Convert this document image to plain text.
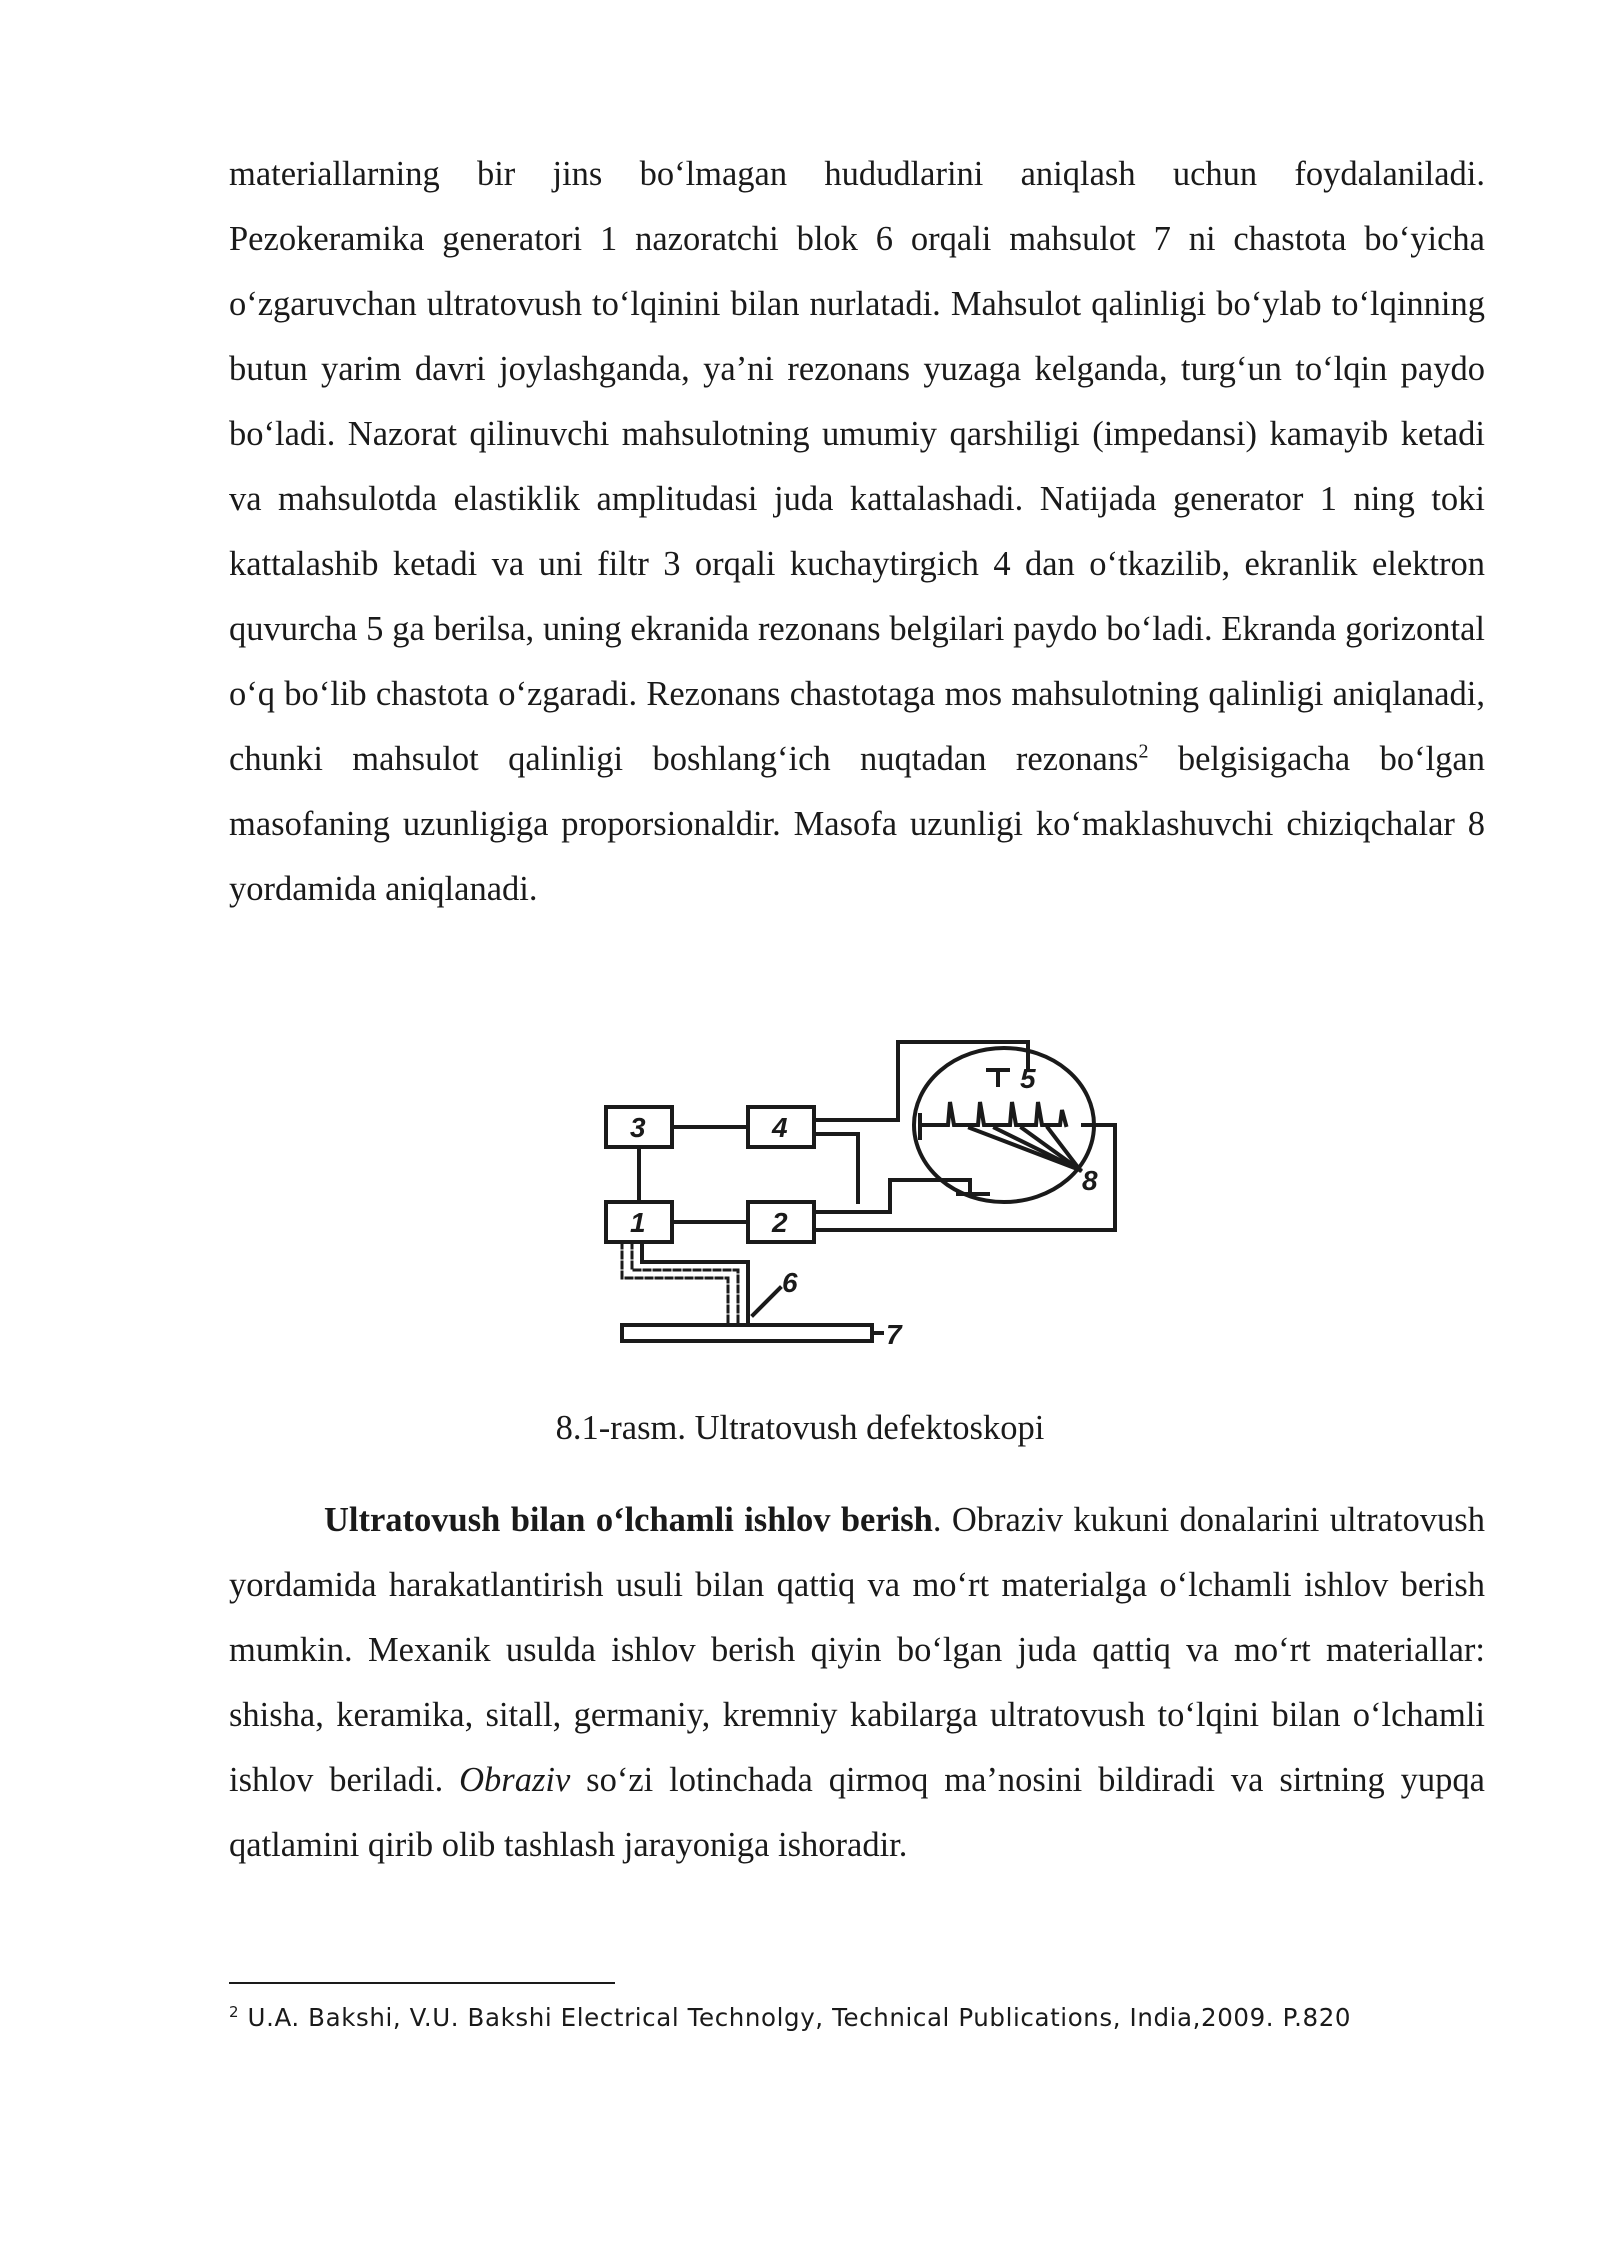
materiallarning bir jins bo‘lmagan hududlarini aniqlash uchun foydalaniladi. Pezokeramika generatori 1 nazoratchi blok 6 orqali mahsulot 7 ni chastota bo‘yicha o‘zgaruvchan ultratovush to‘lqinini bilan nurlatadi. Mahsulot qalinligi bo‘ylab to‘lqinning butun yarim davri joylashganda, ya’ni rezonans yuzaga kelganda, turg‘un to‘lqin paydo bo‘ladi. Nazorat qilinuvchi mahsulotning umumiy qarshiligi (impedansi) kamayib ketadi va mahsulotda elastiklik amplitudasi juda kattalashadi. Natijada generator 1 ning toki kattalashib ketadi va uni filtr 3 orqali kuchaytirgich 4 dan o‘tkazilib, ekranlik elektron quvurcha 5 ga berilsa, uning ekranida rezonans belgilari paydo bo‘ladi. Ekranda gorizontal o‘q bo‘lib chastota o‘zgaradi. Rezonans chastotaga mos mahsulotning qalinligi aniqlanadi, chunki mahsulot qalinligi boshlang‘ich nuqtadan rezonans$^2$ belgisigacha bo‘lgan masofaning uzunligiga proporsionaldir. Masofa uzunligi ko‘maklashuvchi chiziqchalar 8 yordamida aniqlanadi.
3	4
1	2
5
6
7
8
8.1-rasm. Ultratovush defektoskopi
Ultratovush bilan o‘lchamli ishlov berish. Obraziv kukuni donalarini ultratovush yordamida harakatlantirish usuli bilan qattiq va mo‘rt materialga o‘lchamli ishlov berish mumkin. Mexanik usulda ishlov berish qiyin bo‘lgan juda qattiq va mo‘rt materiallar: shisha, keramika, sitall, germaniy, kremniy kabilarga ultratovush to‘lqini bilan o‘lchamli ishlov beriladi. Obraziv so‘zi lotinchada qirmoq ma’nosini bildiradi va sirtning yupqa qatlamini qirib olib tashlash jarayoniga ishoradir.
$^2$ U.A. Bakshi, V.U. Bakshi Electrical Technolgy, Technical Publications, India,2009. P.820
